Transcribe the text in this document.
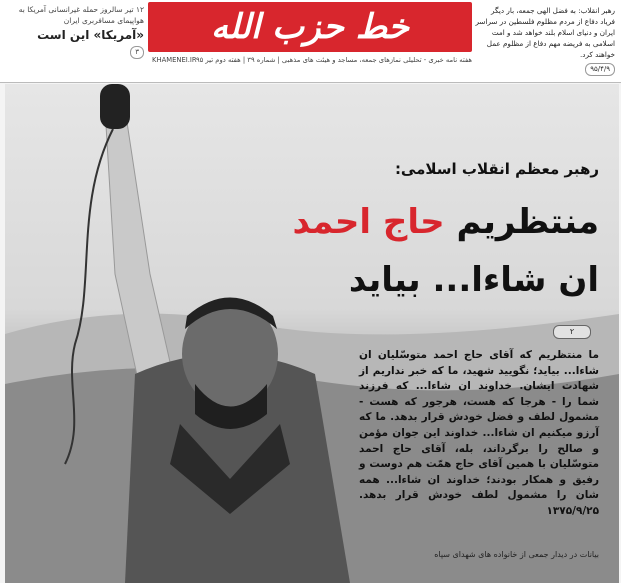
رهبر انقلاب: به فضل الهی جمعه، بار دیگر فریاد دفاع از مردم مظلوم فلسطین در سراسر ایران و دنیای اسلام بلند خواهد شد و امت اسلامی به فریضه مهم دفاع از مظلوم عمل خواهند کرد.
۹۵/۴/۹
خط حزب الله
هفته نامه خبری - تحلیلی نمازهای جمعه، مساجد و هیئت های مذهبی | شماره ۳۹ | هفته دوم تیر ۹۵
KHAMENEI.IR
۱۲ تیر سالروز حمله غیرانسانی آمریکا به هواپیمای مسافربری ایران
«آمریکا» این است
۳
رهبر معظم انقلاب اسلامی:
منتظریم حاج احمد
ان شاءا... بیاید
۲
ما منتظریم که آقای حاج احمد متوسّلیان ان شاءا... بیاید؛ نگویید شهید، ما که خبر نداریم از شهادت ایشان. خداوند ان شاءا... که فرزند شما را - هرجا که هست، هرجور که هست - مشمول لطف و فضل خودش قرار بدهد. ما که آرزو میکنیم ان شاءا... خداوند این جوان مؤمن و صالح را برگرداند، بله، آقای حاج احمد متوسّلیان با همین آقای حاج همّت هم دوست و رفیق و همکار بودند؛ خداوند ان شاءا... همه شان را مشمول لطف خودش قرار بدهد. ۱۳۷۵/۹/۲۵
بیانات در دیدار جمعی از خانواده های شهدای سپاه
